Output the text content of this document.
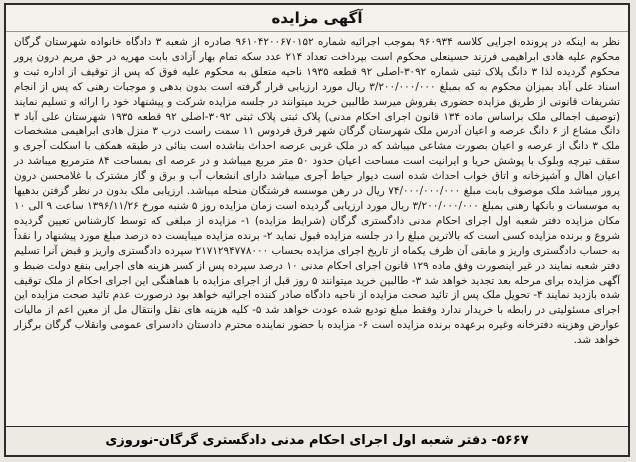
آگهی مزایده

نظر به اینکه در پرونده اجرایی کلاسه ۹۶۰۹۳۴ بموجب اجرائیه شماره ۹۶۱۰۴۲۰۰۶۷۰۱۵۲ صادره از شعبه ۳ دادگاه خانواده شهرستان گرگان محکوم علیه هادی ابراهیمی فرزند حسینعلی محکوم است بپرداخت تعداد ۲۱۴ عدد سکه تمام بهار آزادی بابت مهریه در حق مریم درون پرور محکوم گردیده لذا ۳ دانگ پلاک ثبتی شماره ۳۰۹۲-اصلی ۹۲ قطعه ۱۹۳۵ ناحیه متعلق به محکوم علیه فوق که پس از توقیف از اداره ثبت و اسناد علی آباد بمیزان محکوم به که بمبلغ ۳/۲۰۰/۰۰۰/۰۰۰ ریال مورد ارزیابی قرار گرفته است بدون بدهی و موجبات رهنی که پس از انجام تشریفات قانونی از طریق مزایده حضوری بفروش میرسد طالبین خرید میتوانند در جلسه مزایده شرکت و پیشنهاد خود را ارائه و تسلیم نمایند (توصیف اجمالی ملک براساس ماده ۱۳۴ قانون اجرای احکام مدنی) پلاک ثبتی پلاک ثبتی ۳۰۹۲-اصلی ۹۲ قطعه ۱۹۳۵ شهرستان علی آباد ۳ دانگ مشاع از ۶ دانگ عرصه و اعیان آدرس ملک شهرستان گرگان شهر فرق فردوس ۱۱ سمت راست درب ۳ منزل هادی ابراهیمی مشخصات ملک ۳ دانگ از عرصه و اعیان بصورت مشاعی میباشد که در ملک غربی عرصه احداث بناشده است بنائی در طبقه همکف با اسکلت آجری و سقف تیرچه وبلوک با پوشش حریا و ایرانیت است مساحت اعیان حدود ۵۰ متر مربع میباشد و در عرصه ای بمساحت ۸۴ مترمربع میباشد در اعیان اهال و آشپزخانه و اتاق خواب احداث شده است دیوار حیاط آجری میباشد دارای انشعاب آب و برق و گاز مشترک با غلامحسن درون پرور میباشد ملک موصوف بابت مبلغ ۷۴/۰۰۰/۰۰۰/۰۰۰ ریال در رهن موسسه فرشتگان منحله میباشد. ارزیابی ملک بدون در نظر گرفتن بدهیها به موسسات و بانکها رهنی بمبلغ ۳/۲۰۰/۰۰۰/۰۰۰ ریال مورد ارزیابی گردیده است زمان مزایده روز ۵ شنبه مورخ ۱۳۹۶/۱۱/۲۶ ساعت ۹ الی ۱۰ مکان مزایده دفتر شعبه اول اجرای احکام مدنی دادگستری گرگان (شرایط مزایده) ۱- مزایده از مبلغی که توسط کارشناس تعیین گردیده شروع و برنده مزایده کسی است که بالاترین مبلغ را در جلسه مزایده قبول نماید ۲- برنده مزایده میبایست ده درصد مبلغ مورد پیشنهاد را نقداً به حساب دادگستری واریز و مابقی آن ظرف یکماه از تاریخ اجرای مزایده بحساب ۲۱۷۱۲۹۴۷۷۸۰۰۰ سپرده دادگستری واریز و قبض آنرا تسلیم دفتر شعبه نمایند در غیر اینصورت وفق ماده ۱۲۹ قانون اجرای احکام مدنی ۱۰ درصد سپرده پس از کسر هزینه های اجرایی بنفع دولت ضبط و آگهی مزایده برای مرحله بعد تجدید خواهد شد ۳- طالبین خرید میتوانند ۵ روز قبل از اجرای مزایده با هماهنگی این اجرای احکام از ملک توقیف شده بازدید نمایند ۴- تحویل ملک پس از تائید صحت مزایده از ناحیه دادگاه صادر کننده اجرائیه خواهد بود درصورت عدم تائید صحت مزایده این اجرای مسئولیتی در رابطه با خریدار ندارد وفقط مبلغ تودیع شده عودت خواهد شد ۵- کلیه هزینه های نقل وانتقال مل از معین اعم از مالیات عوارض وهزینه دفترخانه وغیره برعهده برنده مزایده است ۶- مزایده با حضور نماینده محترم دادستان دادسرای عمومی وانقلاب گرگان برگزار خواهد شد.

۵۶۶۷- دفتر شعبه اول اجرای احکام مدنی دادگستری گرگان-نوروزی
